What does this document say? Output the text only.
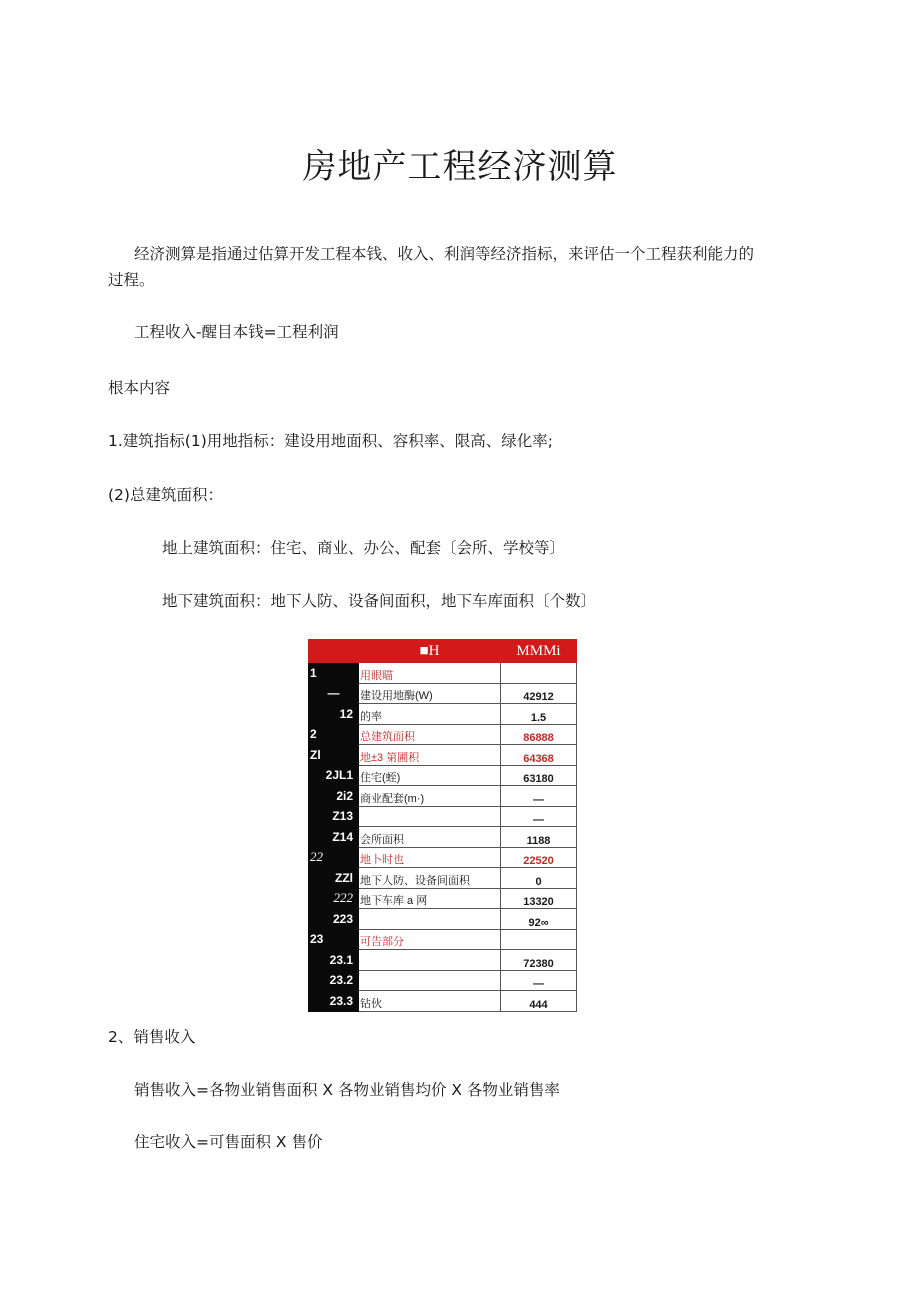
房地产工程经济测算
经济测算是指通过估算开发工程本钱、收入、利润等经济指标，来评估一个工程获利能力的过程。
工程收入-醒目本钱=工程利润
根本内容
1.建筑指标(1)用地指标：建设用地面积、容积率、限高、绿化率;
(2)总建筑面积：
地上建筑面积：住宅、商业、办公、配套〔会所、学校等〕
地下建筑面积：地下人防、设备间面积，地下车库面积〔个数〕
	■H	MMMi
1	用眼瞄	
—	建设用地酶(W)	42912
12	的率	1.5
2	总建筑面积	86888
Zl	地±3 第圃积	64368
2JL1	住宅(蛭)	63180
2i2	商业配套(m·)	—
Z13		—
Z14	会所面积	1188
22	地卜时也	22520
ZZl	地下人防、设备间面积	0
222	地下车库 a 网	13320
223		92∞
23	可告部分	
23.1		72380
23.2		—
23.3	钻伙	444
2、销售收入
销售收入=各物业销售面积 X 各物业销售均价 X 各物业销售率
住宅收入=可售面积 X 售价
